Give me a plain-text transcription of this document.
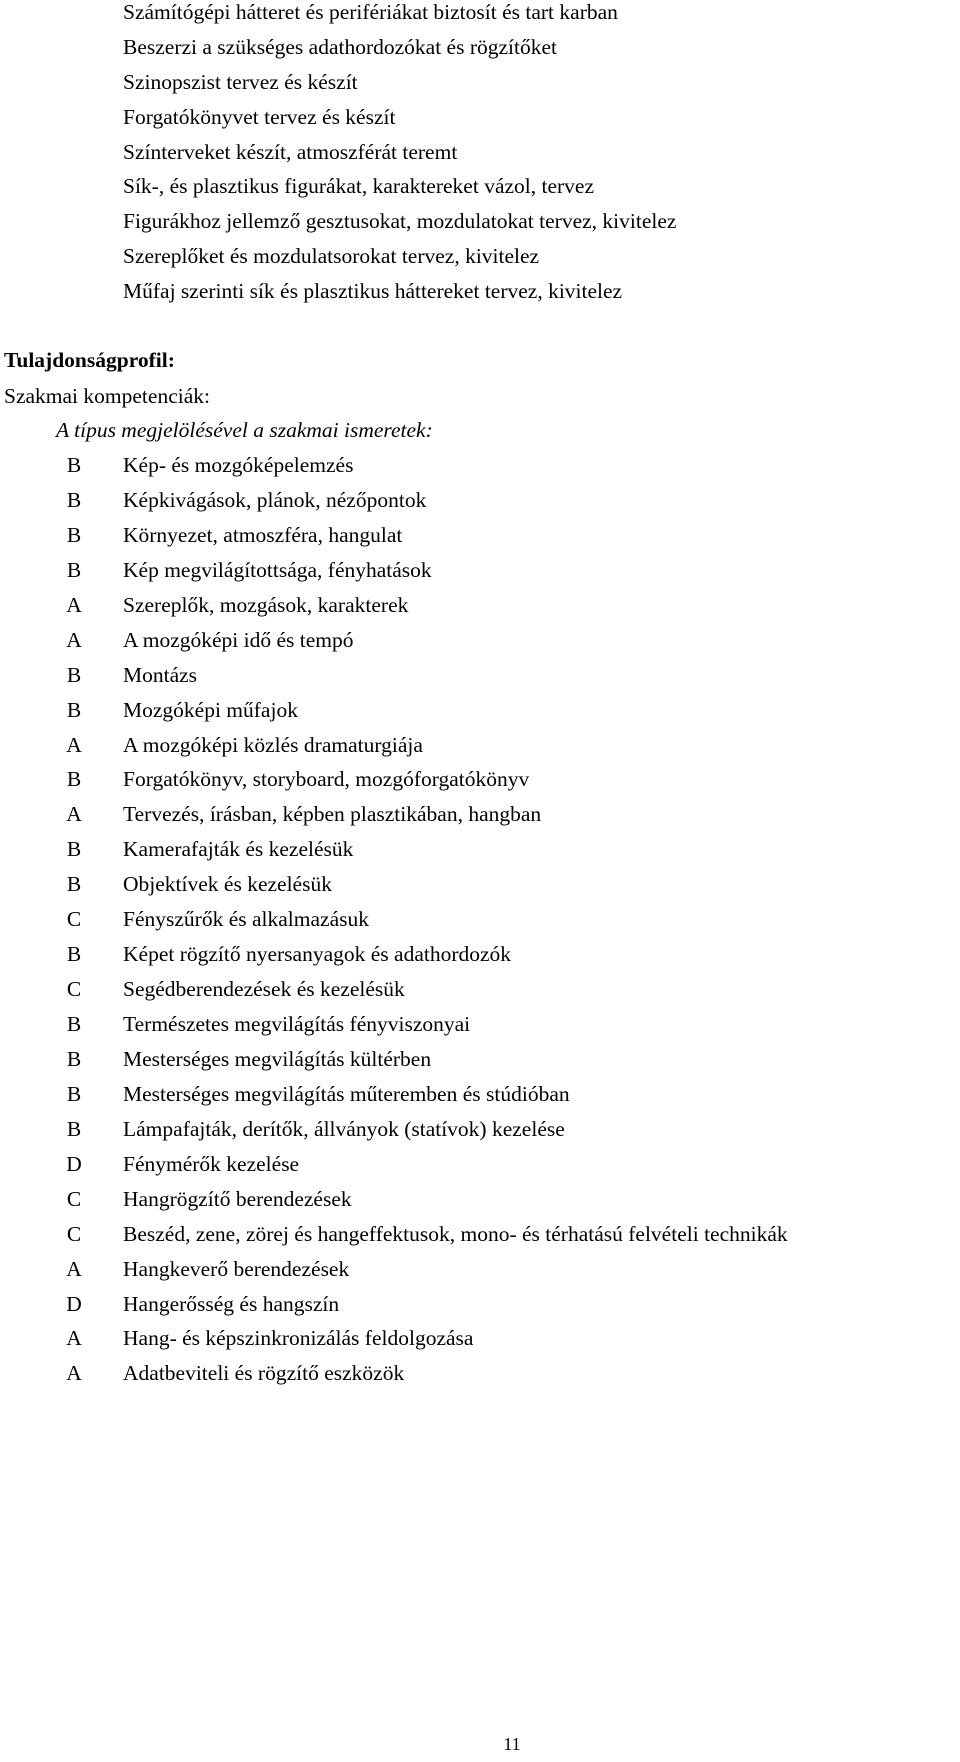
Számítógépi hátteret és perifériákat biztosít és tart karban
Beszerzi a szükséges adathordozókat és rögzítőket
Szinopszist tervez és készít
Forgatókönyvet tervez és készít
Színterveket készít, atmoszférát teremt
Sík-, és plasztikus figurákat, karaktereket vázol, tervez
Figurákhoz jellemző gesztusokat, mozdulatokat tervez, kivitelez
Szereplőket és mozdulatsorokat tervez, kivitelez
Műfaj szerinti sík és plasztikus háttereket tervez, kivitelez
Tulajdonságprofil:

Szakmai kompetenciák:

A típus megjelölésével a szakmai ismeretek:

B	Kép- és mozgóképelemzés
B	Képkivágások, plánok, nézőpontok
B	Környezet, atmoszféra, hangulat
B	Kép megvilágítottsága, fényhatások
A Szereplők, mozgások, karakterek
A A mozgóképi idő és tempó
B	Montázs
B	Mozgóképi műfajok
A A mozgóképi közlés dramaturgiája
B	Forgatókönyv, storyboard, mozgóforgatókönyv
A Tervezés, írásban, képben plasztikában, hangban
B	Kamerafajták és kezelésük
B	Objektívek és kezelésük
C	Fényszűrők és alkalmazásuk
B	Képet rögzítő nyersanyagok és adathordozók
C	Segédberendezések és kezelésük
B	Természetes megvilágítás fényviszonyai
B	Mesterséges megvilágítás kültérben
B	Mesterséges megvilágítás műteremben és stúdióban
B	Lámpafajták, derítők, állványok (statívok) kezelése
D Fénymérők kezelése
C	Hangrögzítő berendezések
C	Beszéd, zene, zörej és hangeffektusok, mono- és térhatású felvételi technikák
A Hangkeverő berendezések
D Hangerősség és hangszín
A Hang- és képszinkronizálás feldolgozása
A Adatbeviteli és rögzítő eszközök
11
